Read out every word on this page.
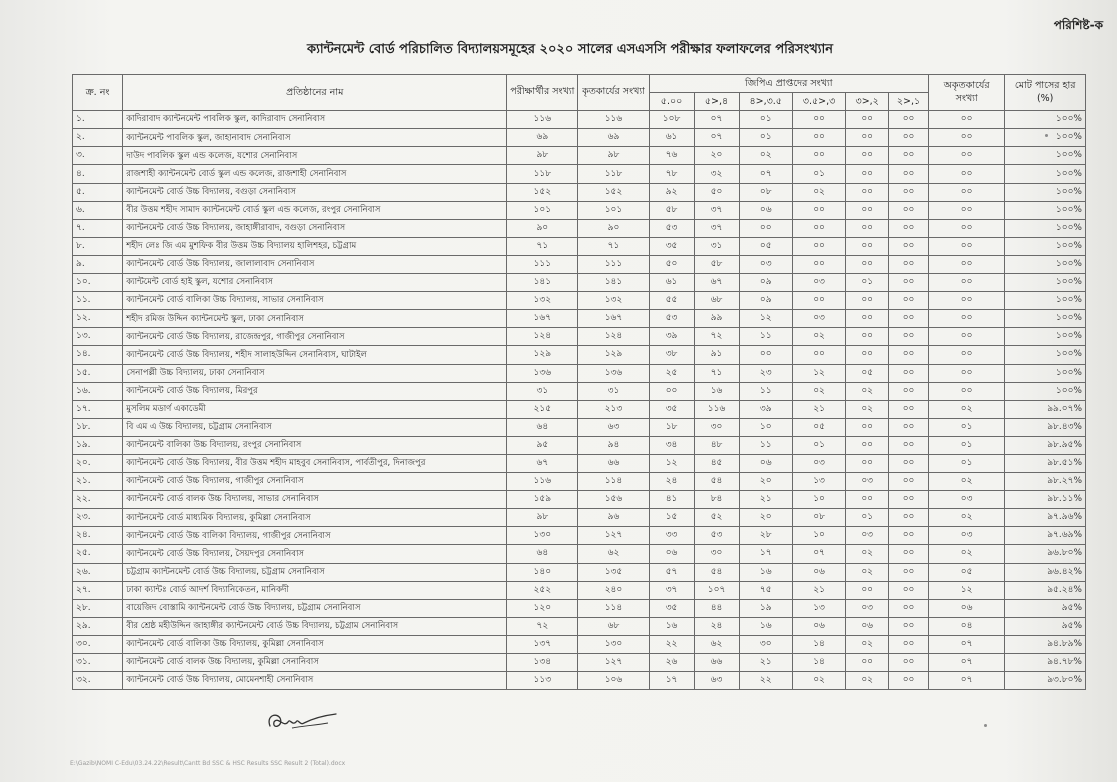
পরিশিষ্ট-ক
ক্যান্টনমেন্ট বোর্ড পরিচালিত বিদ্যালয়সমূহের ২০২০ সালের এসএসসি পরীক্ষার ফলাফলের পরিসংখ্যান
ক্র. নং	প্রতিষ্ঠানের নাম	পরীক্ষার্থীর সংখ্যা	কৃতকার্যের সংখ্যা	জিপিএ প্রাপ্তদের সংখ্যা						অকৃতকার্যের সংখ্যা	মোট পাসের হার (%)
				৫.০০	৫>,৪	৪>,৩.৫	৩.৫>,৩	৩>,২	২>,১		
১.	কাদিরাবাদ ক্যান্টনমেন্ট পাবলিক স্কুল, কাদিরাবাদ সেনানিবাস	১১৬	১১৬	১০৮	০৭	০১	০০	০০	০০	০০	১০০%
২.	ক্যান্টনমেন্ট পাবলিক স্কুল, জাহানাবাদ সেনানিবাস	৬৯	৬৯	৬১	০৭	০১	০০	০০	০০	০০	১০০%
৩.	দাউদ পাবলিক স্কুল এন্ড কলেজ, যশোর সেনানিবাস	৯৮	৯৮	৭৬	২০	০২	০০	০০	০০	০০	১০০%
৪.	রাজশাহী ক্যান্টনমেন্ট বোর্ড স্কুল এন্ড কলেজ, রাজশাহী সেনানিবাস	১১৮	১১৮	৭৮	৩২	০৭	০১	০০	০০	০০	১০০%
৫.	ক্যান্টনমেন্ট বোর্ড উচ্চ বিদ্যালয়, বগুড়া সেনানিবাস	১৫২	১৫২	৯২	৫০	০৮	০২	০০	০০	০০	১০০%
৬.	বীর উত্তম শহীদ সামাদ ক্যান্টনমেন্ট বোর্ড স্কুল এন্ড কলেজ, রংপুর সেনানিবাস	১০১	১০১	৫৮	৩৭	০৬	০০	০০	০০	০০	১০০%
৭.	ক্যান্টনমেন্ট বোর্ড উচ্চ বিদ্যালয়, জাহাঙ্গীরাবাদ, বগুড়া সেনানিবাস	৯০	৯০	৫৩	৩৭	০০	০০	০০	০০	০০	১০০%
৮.	শহীদ লেঃ জি এম মুশফিক বীর উত্তম উচ্চ বিদ্যালয় হালিশহর, চট্টগ্রাম	৭১	৭১	৩৫	৩১	০৫	০০	০০	০০	০০	১০০%
৯.	ক্যান্টনমেন্ট বোর্ড উচ্চ বিদ্যালয়, জালালাবাদ সেনানিবাস	১১১	১১১	৫০	৫৮	০৩	০০	০০	০০	০০	১০০%
১০.	ক্যান্টমেন্ট বোর্ড হাই স্কুল, যশোর সেনানিবাস	১৪১	১৪১	৬১	৬৭	০৯	০৩	০১	০০	০০	১০০%
১১.	ক্যান্টনমেন্ট বোর্ড বালিকা উচ্চ বিদ্যালয়, সাভার সেনানিবাস	১৩২	১৩২	৫৫	৬৮	০৯	০০	০০	০০	০০	১০০%
১২.	শহীদ রমিজ উদ্দিন ক্যান্টনমেন্ট স্কুল, ঢাকা সেনানিবাস	১৬৭	১৬৭	৫৩	৯৯	১২	০৩	০০	০০	০০	১০০%
১৩.	ক্যান্টনমেন্ট বোর্ড উচ্চ বিদ্যালয়, রাজেন্দ্রপুর, গাজীপুর সেনানিবাস	১২৪	১২৪	৩৯	৭২	১১	০২	০০	০০	০০	১০০%
১৪.	ক্যান্টনমেন্ট বোর্ড উচ্চ বিদ্যালয়, শহীদ সালাহউদ্দিন সেনানিবাস, ঘাটাইল	১২৯	১২৯	৩৮	৯১	০০	০০	০০	০০	০০	১০০%
১৫.	সেনাপল্লী উচ্চ বিদ্যালয়, ঢাকা সেনানিবাস	১৩৬	১৩৬	২৫	৭১	২৩	১২	০৫	০০	০০	১০০%
১৬.	ক্যান্টনমেন্ট বোর্ড উচ্চ বিদ্যালয়, মিরপুর	৩১	৩১	০০	১৬	১১	০২	০২	০০	০০	১০০%
১৭.	মুসলিম মডার্ণ একাডেমী	২১৫	২১৩	৩৫	১১৬	৩৯	২১	০২	০০	০২	৯৯.০৭%
১৮.	বি এম এ উচ্চ বিদ্যালয়, চট্টগ্রাম সেনানিবাস	৬৪	৬৩	১৮	৩০	১০	০৫	০০	০০	০১	৯৮.৪৩%
১৯.	ক্যান্টনমেন্ট বালিকা উচ্চ বিদ্যালয়, রংপুর সেনানিবাস	৯৫	৯৪	৩৪	৪৮	১১	০১	০০	০০	০১	৯৮.৯৫%
২০.	ক্যান্টনমেন্ট বোর্ড উচ্চ বিদ্যালয়, বীর উত্তম শহীদ মাহবুব সেনানিবাস, পার্বতীপুর, দিনাজপুর	৬৭	৬৬	১২	৪৫	০৬	০৩	০০	০০	০১	৯৮.৫১%
২১.	ক্যান্টনমেন্ট বোর্ড উচ্চ বিদ্যালয়, গাজীপুর সেনানিবাস	১১৬	১১৪	২৪	৫৪	২০	১৩	০৩	০০	০২	৯৮.২৭%
২২.	ক্যান্টনমেন্ট বোর্ড বালক উচ্চ বিদ্যালয়, সাভার সেনানিবাস	১৫৯	১৫৬	৪১	৮৪	২১	১০	০০	০০	০৩	৯৮.১১%
২৩.	ক্যান্টনমেন্ট বোর্ড মাধ্যমিক বিদ্যালয়, কুমিল্লা সেনানিবাস	৯৮	৯৬	১৫	৫২	২০	০৮	০১	০০	০২	৯৭.৯৬%
২৪.	ক্যান্টনমেন্ট বোর্ড উচ্চ বালিকা বিদ্যালয়, গাজীপুর সেনানিবাস	১৩০	১২৭	৩৩	৫৩	২৮	১০	০৩	০০	০৩	৯৭.৬৯%
২৫.	ক্যান্টনমেন্ট বোর্ড উচ্চ বিদ্যালয়, সৈয়দপুর সেনানিবাস	৬৪	৬২	০৬	৩০	১৭	০৭	০২	০০	০২	৯৬.৮০%
২৬.	চট্টগ্রাম ক্যান্টনমেন্ট বোর্ড উচ্চ বিদ্যালয়, চট্টগ্রাম সেনানিবাস	১৪০	১৩৫	৫৭	৫৪	১৬	০৬	০২	০০	০৫	৯৬.৪২%
২৭.	ঢাকা ক্যান্টঃ বোর্ড আদর্শ বিদ্যানিকেতন, মানিকদী	২৫২	২৪০	৩৭	১০৭	৭৫	২১	০০	০০	১২	৯৫.২৪%
২৮.	বায়েজিদ বোস্তামি ক্যান্টনমেন্ট বোর্ড উচ্চ বিদ্যালয়, চট্টগ্রাম সেনানিবাস	১২০	১১৪	৩৫	৪৪	১৯	১৩	০৩	০০	০৬	৯৫%
২৯.	বীর শ্রেষ্ঠ মহীউদ্দিন জাহাঙ্গীর ক্যান্টনমেন্ট বোর্ড উচ্চ বিদ্যালয়, চট্টগ্রাম সেনানিবাস	৭২	৬৮	১৬	২৪	১৬	০৬	০৬	০০	০৪	৯৫%
৩০.	ক্যান্টনমেন্ট বোর্ড বালিকা উচ্চ বিদ্যালয়, কুমিল্লা সেনানিবাস	১৩৭	১৩০	২২	৬২	৩০	১৪	০২	০০	০৭	৯৪.৮৯%
৩১.	ক্যান্টনমেন্ট বোর্ড বালক উচ্চ বিদ্যালয়, কুমিল্লা সেনানিবাস	১৩৪	১২৭	২৬	৬৬	২১	১৪	০০	০০	০৭	৯৪.৭৮%
৩২.	ক্যান্টনমেন্ট বোর্ড উচ্চ বিদ্যালয়, মোমেনশাহী সেনানিবাস	১১৩	১০৬	১৭	৬৩	২২	০২	০২	০০	০৭	৯৩.৮০%
E:\Gazib\NOMI C-Edu\03.24.22\Result\Cantt Bd SSC & HSC Results SSC Result 2 (Total).docx
